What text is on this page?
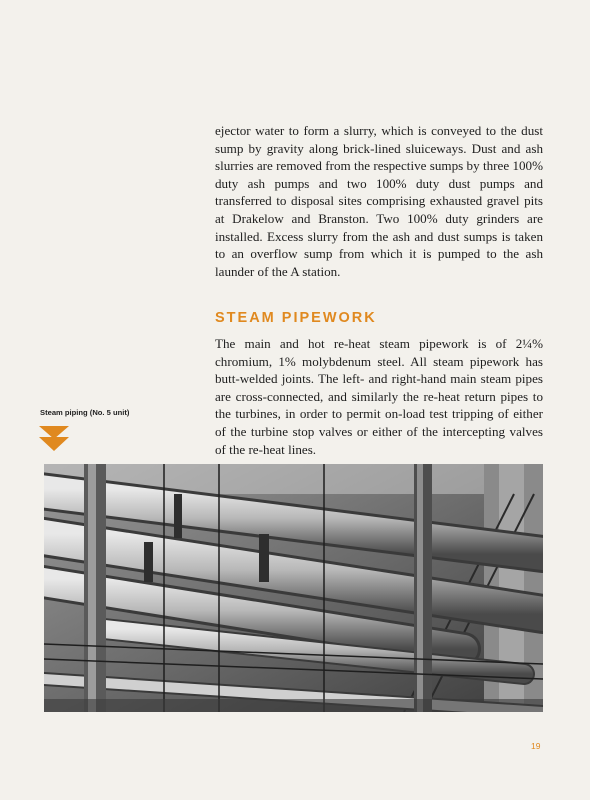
ejector water to form a slurry, which is conveyed to the dust sump by gravity along brick-lined sluiceways. Dust and ash slurries are removed from the respective sumps by three 100% duty ash pumps and two 100% duty dust pumps and transferred to disposal sites comprising exhausted gravel pits at Drakelow and Branston. Two 100% duty grinders are installed. Excess slurry from the ash and dust sumps is taken to an overflow sump from which it is pumped to the ash launder of the A station.

STEAM PIPEWORK

The main and hot re-heat steam pipework is of 2¼% chromium, 1% molybdenum steel. All steam pipework has butt-welded joints. The left- and right-hand main steam pipes are cross-connected, and similarly the re-heat return pipes to the turbines, in order to permit on-load test tripping of either of the turbine stop valves or either of the intercepting valves of the re-heat lines.

Steam piping (No. 5 unit)
19
